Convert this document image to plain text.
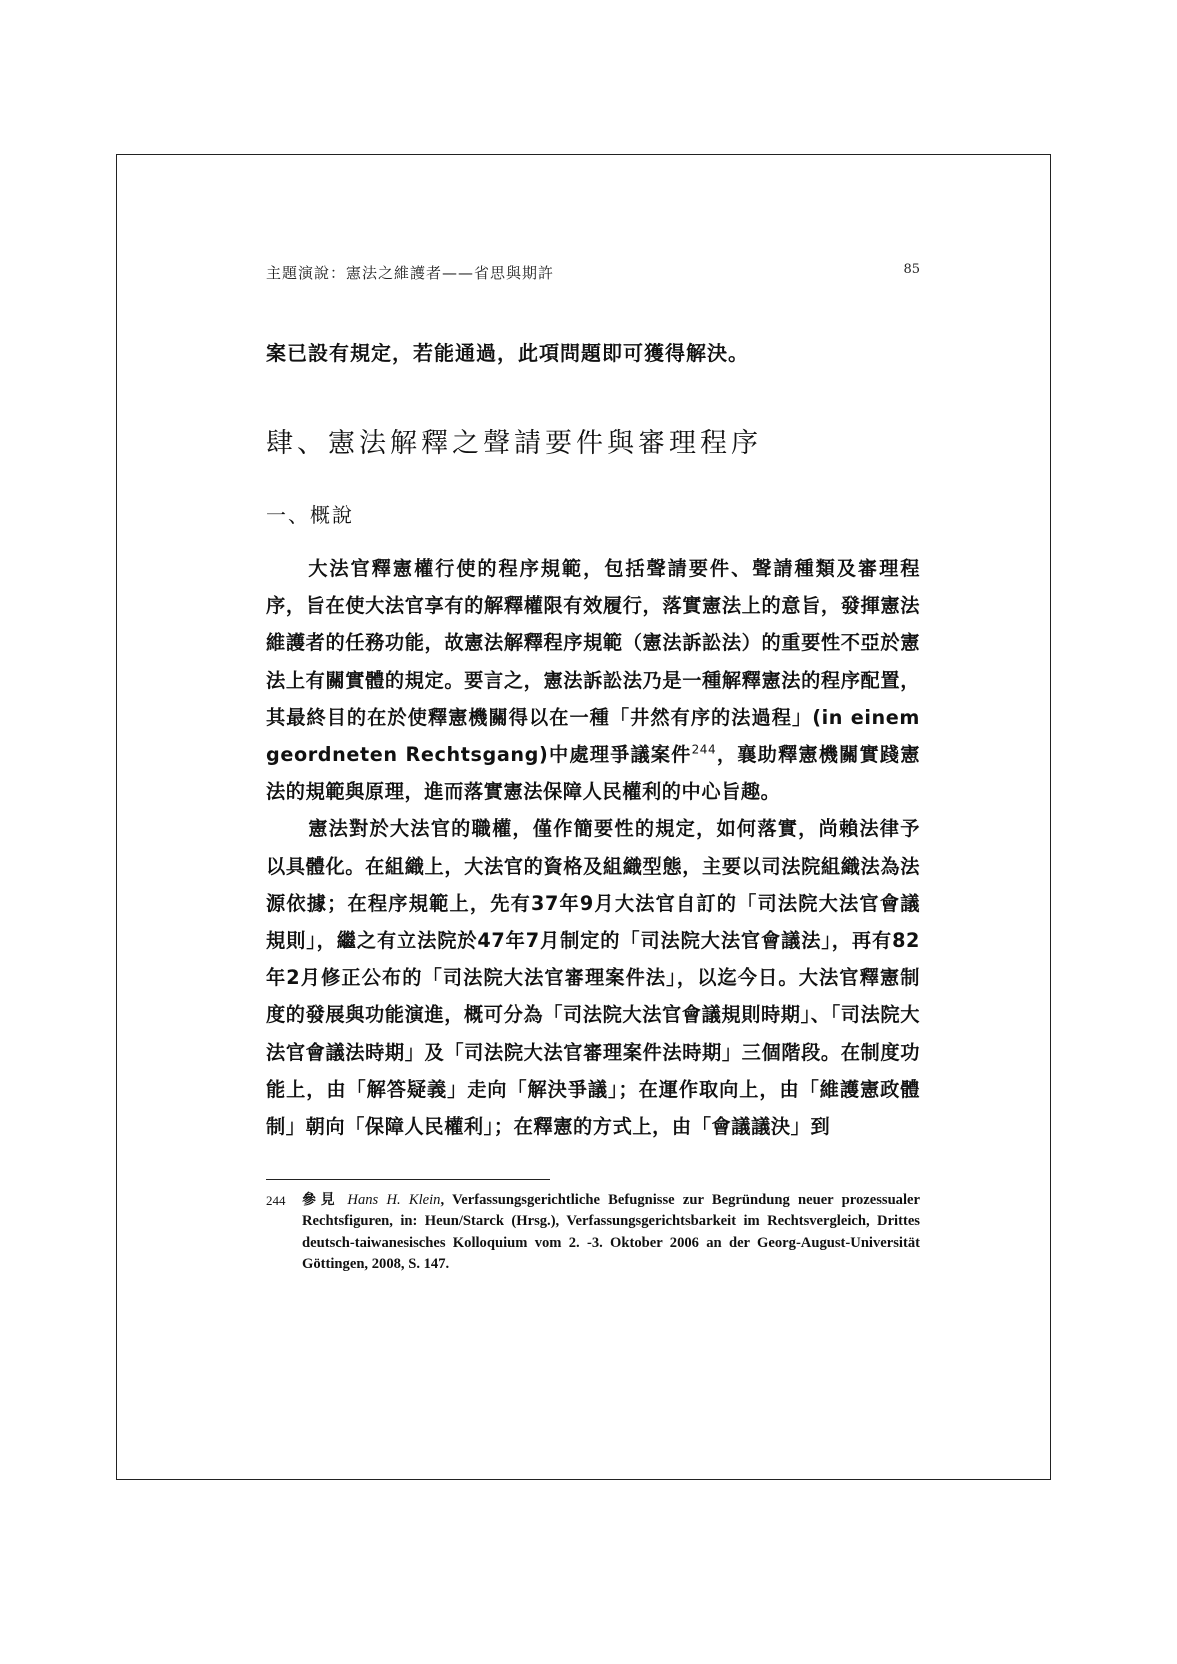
主題演說：憲法之維護者——省思與期許	85
案已設有規定，若能通過，此項問題即可獲得解決。
肆、憲法解釋之聲請要件與審理程序
一、概說

大法官釋憲權行使的程序規範，包括聲請要件、聲請種類及審理程序，旨在使大法官享有的解釋權限有效履行，落實憲法上的意旨，發揮憲法維護者的任務功能，故憲法解釋程序規範（憲法訴訟法）的重要性不亞於憲法上有關實體的規定。要言之，憲法訴訟法乃是一種解釋憲法的程序配置，其最終目的在於使釋憲機關得以在一種「井然有序的法過程」(in einem geordneten Rechtsgang)中處理爭議案件$^{244}$，襄助釋憲機關實踐憲法的規範與原理，進而落實憲法保障人民權利的中心旨趣。

憲法對於大法官的職權，僅作簡要性的規定，如何落實，尚賴法律予以具體化。在組織上，大法官的資格及組織型態，主要以司法院組織法為法源依據；在程序規範上，先有37年9月大法官自訂的「司法院大法官會議規則」，繼之有立法院於47年7月制定的「司法院大法官會議法」，再有82年2月修正公布的「司法院大法官審理案件法」，以迄今日。大法官釋憲制度的發展與功能演進，概可分為「司法院大法官會議規則時期」、「司法院大法官會議法時期」及「司法院大法官審理案件法時期」三個階段。在制度功能上，由「解答疑義」走向「解決爭議」；在運作取向上，由「維護憲政體制」朝向「保障人民權利」；在釋憲的方式上，由「會議議決」到

244 參見 Hans H. Klein, Verfassungsgerichtliche Befugnisse zur Begründung neuer prozessualer Rechtsfiguren, in: Heun/Starck (Hrsg.), Verfassungsgerichtsbarkeit im Rechtsvergleich, Drittes deutsch-taiwanesisches Kolloquium vom 2. -3. Oktober 2006 an der Georg-August-Universität Göttingen, 2008, S. 147.
